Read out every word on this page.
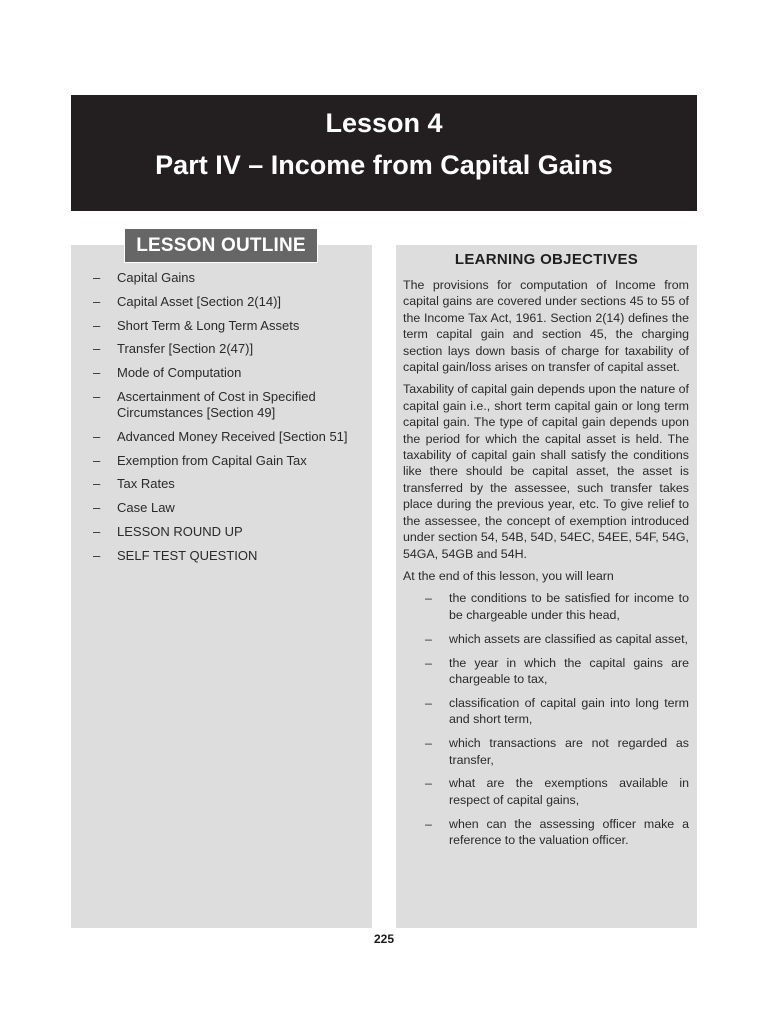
Lesson 4
Part IV – Income from Capital Gains
LESSON OUTLINE
– Capital Gains
– Capital Asset [Section 2(14)]
– Short Term & Long Term Assets
– Transfer [Section 2(47)]
– Mode of Computation
– Ascertainment of Cost in Specified Circumstances [Section 49]
– Advanced Money Received [Section 51]
– Exemption from Capital Gain Tax
– Tax Rates
– Case Law
– LESSON ROUND UP
– SELF TEST QUESTION
LEARNING OBJECTIVES

The provisions for computation of Income from capital gains are covered under sections 45 to 55 of the Income Tax Act, 1961. Section 2(14) defines the term capital gain and section 45, the charging section lays down basis of charge for taxability of capital gain/loss arises on transfer of capital asset.

Taxability of capital gain depends upon the nature of capital gain i.e., short term capital gain or long term capital gain. The type of capital gain depends upon the period for which the capital asset is held. The taxability of capital gain shall satisfy the conditions like there should be capital asset, the asset is transferred by the assessee, such transfer takes place during the previous year, etc. To give relief to the assessee, the concept of exemption introduced under section 54, 54B, 54D, 54EC, 54EE, 54F, 54G, 54GA, 54GB and 54H.

At the end of this lesson, you will learn

– the conditions to be satisfied for income to be chargeable under this head,
– which assets are classified as capital asset,
– the year in which the capital gains are chargeable to tax,
– classification of capital gain into long term and short term,
– which transactions are not regarded as transfer,
– what are the exemptions available in respect of capital gains,
– when can the assessing officer make a reference to the valuation officer.
225
